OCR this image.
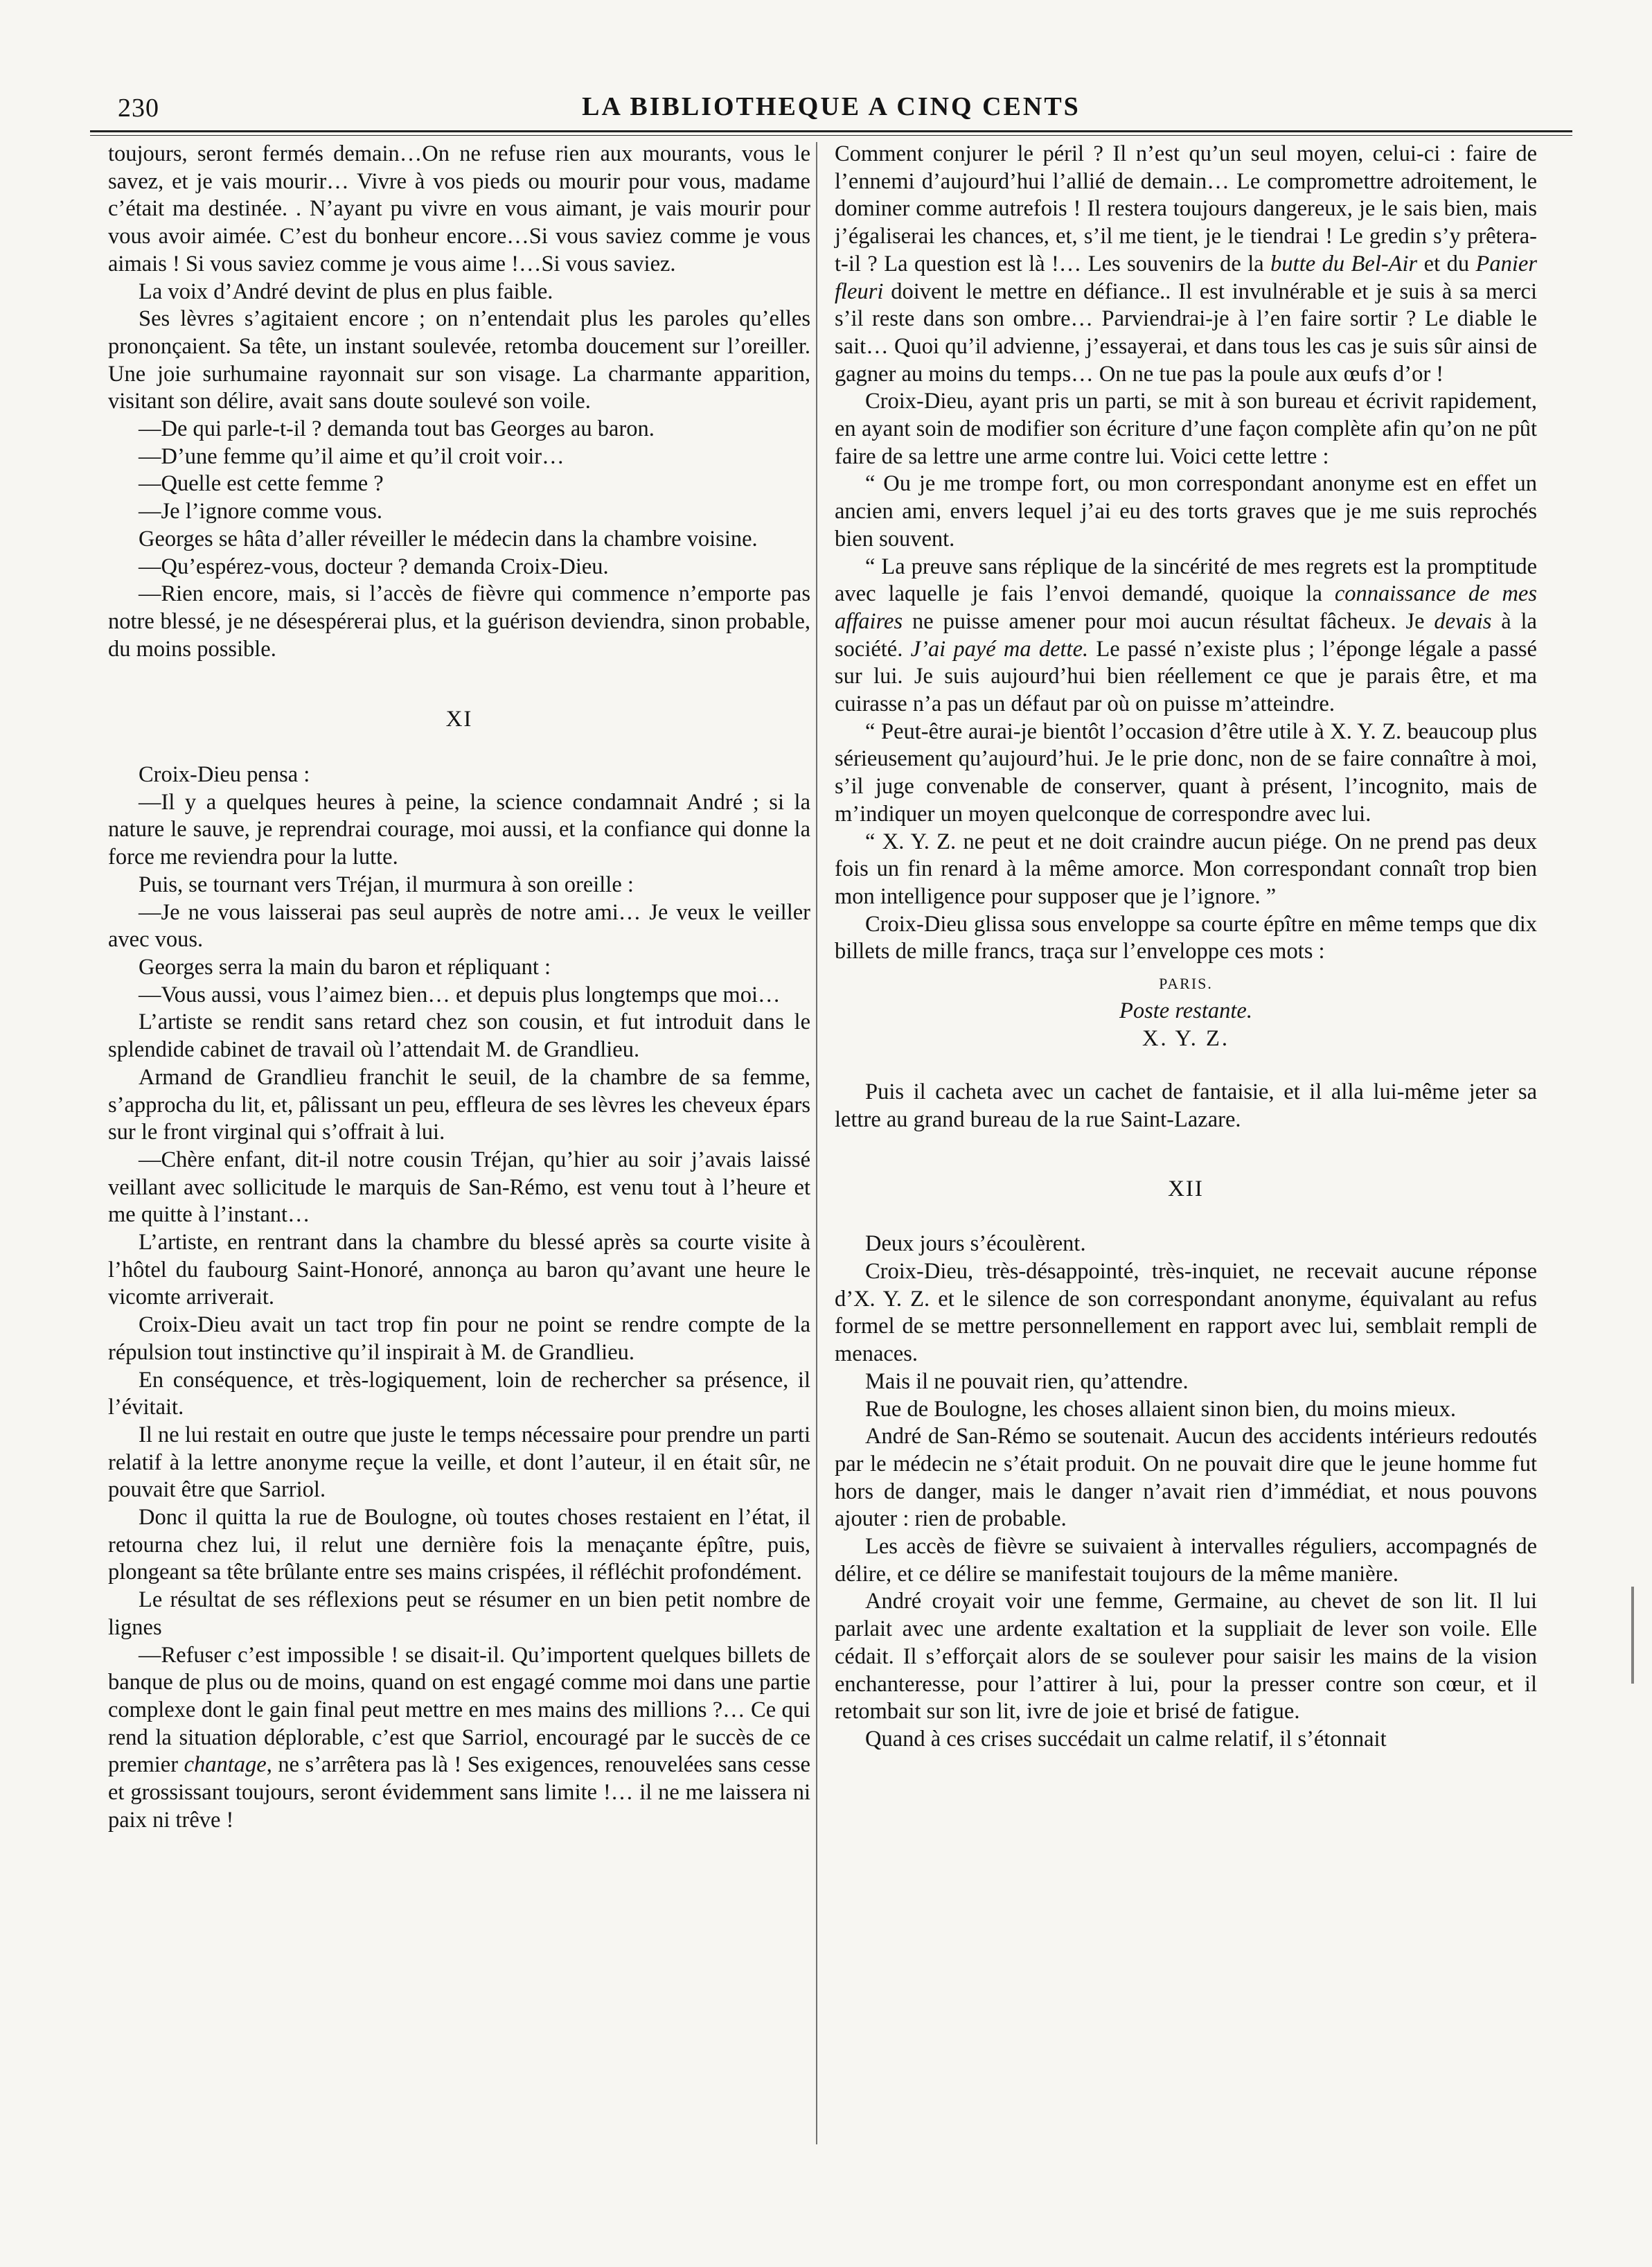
230	LA BIBLIOTHEQUE A CINQ CENTS

toujours, seront fermés demain…On ne refuse rien aux mourants, vous le savez, et je vais mourir… Vivre à vos pieds ou mourir pour vous, madame c’était ma destinée. . N’ayant pu vivre en vous aimant, je vais mourir pour vous avoir aimée. C’est du bonheur encore…Si vous saviez comme je vous aimais ! Si vous saviez comme je vous aime !…Si vous saviez.

La voix d’André devint de plus en plus faible.

Ses lèvres s’agitaient encore ; on n’entendait plus les paroles qu’elles prononçaient. Sa tête, un instant soulevée, retomba doucement sur l’oreiller. Une joie surhumaine rayonnait sur son visage. La charmante apparition, visitant son délire, avait sans doute soulevé son voile.

—De qui parle-t-il ? demanda tout bas Georges au baron.

—D’une femme qu’il aime et qu’il croit voir…

—Quelle est cette femme ?

—Je l’ignore comme vous.

Georges se hâta d’aller réveiller le médecin dans la chambre voisine.

—Qu’espérez-vous, docteur ? demanda Croix-Dieu.

—Rien encore, mais, si l’accès de fièvre qui commence n’emporte pas notre blessé, je ne désespérerai plus, et la guérison deviendra, sinon probable, du moins possible.

XI

Croix-Dieu pensa :

—Il y a quelques heures à peine, la science condamnait André ; si la nature le sauve, je reprendrai courage, moi aussi, et la confiance qui donne la force me reviendra pour la lutte.

Puis, se tournant vers Tréjan, il murmura à son oreille :

—Je ne vous laisserai pas seul auprès de notre ami… Je veux le veiller avec vous.

Georges serra la main du baron et répliquant :

—Vous aussi, vous l’aimez bien… et depuis plus longtemps que moi…

L’artiste se rendit sans retard chez son cousin, et fut introduit dans le splendide cabinet de travail où l’attendait M. de Grandlieu.

Armand de Grandlieu franchit le seuil, de la chambre de sa femme, s’approcha du lit, et, pâlissant un peu, effleura de ses lèvres les cheveux épars sur le front virginal qui s’offrait à lui.

—Chère enfant, dit-il notre cousin Tréjan, qu’hier au soir j’avais laissé veillant avec sollicitude le marquis de San-Rémo, est venu tout à l’heure et me quitte à l’instant…

L’artiste, en rentrant dans la chambre du blessé après sa courte visite à l’hôtel du faubourg Saint-Honoré, annonça au baron qu’avant une heure le vicomte arriverait.

Croix-Dieu avait un tact trop fin pour ne point se rendre compte de la répulsion tout instinctive qu’il inspirait à M. de Grandlieu.

En conséquence, et très-logiquement, loin de rechercher sa présence, il l’évitait.

Il ne lui restait en outre que juste le temps nécessaire pour prendre un parti relatif à la lettre anonyme reçue la veille, et dont l’auteur, il en était sûr, ne pouvait être que Sarriol.

Donc il quitta la rue de Boulogne, où toutes choses restaient en l’état, il retourna chez lui, il relut une dernière fois la menaçante épître, puis, plongeant sa tête brûlante entre ses mains crispées, il réfléchit profondément.

Le résultat de ses réflexions peut se résumer en un bien petit nombre de lignes

—Refuser c’est impossible ! se disait-il. Qu’importent quelques billets de banque de plus ou de moins, quand on est engagé comme moi dans une partie complexe dont le gain final peut mettre en mes mains des millions ?… Ce qui rend la situation déplorable, c’est que Sarriol, encouragé par le succès de ce premier chantage, ne s’arrêtera pas là ! Ses exigences, renouvelées sans cesse et grossissant toujours, seront évidemment sans limite !… il ne me laissera ni paix ni trêve !

Comment conjurer le péril ? Il n’est qu’un seul moyen, celui-ci : faire de l’ennemi d’aujourd’hui l’allié de demain… Le compromettre adroitement, le dominer comme autrefois ! Il restera toujours dangereux, je le sais bien, mais j’égaliserai les chances, et, s’il me tient, je le tiendrai ! Le gredin s’y prêtera-t-il ? La question est là !… Les souvenirs de la butte du Bel-Air et du Panier fleuri doivent le mettre en défiance.. Il est invulnérable et je suis à sa merci s’il reste dans son ombre… Parviendrai-je à l’en faire sortir ? Le diable le sait… Quoi qu’il advienne, j’essayerai, et dans tous les cas je suis sûr ainsi de gagner au moins du temps… On ne tue pas la poule aux œufs d’or !

Croix-Dieu, ayant pris un parti, se mit à son bureau et écrivit rapidement, en ayant soin de modifier son écriture d’une façon complète afin qu’on ne pût faire de sa lettre une arme contre lui. Voici cette lettre :

“ Ou je me trompe fort, ou mon correspondant anonyme est en effet un ancien ami, envers lequel j’ai eu des torts graves que je me suis reprochés bien souvent.

“ La preuve sans réplique de la sincérité de mes regrets est la promptitude avec laquelle je fais l’envoi demandé, quoique la connaissance de mes affaires ne puisse amener pour moi aucun résultat fâcheux. Je devais à la société. J’ai payé ma dette. Le passé n’existe plus ; l’éponge légale a passé sur lui. Je suis aujourd’hui bien réellement ce que je parais être, et ma cuirasse n’a pas un défaut par où on puisse m’atteindre.

“ Peut-être aurai-je bientôt l’occasion d’être utile à X. Y. Z. beaucoup plus sérieusement qu’aujourd’hui. Je le prie donc, non de se faire connaître à moi, s’il juge convenable de conserver, quant à présent, l’incognito, mais de m’indiquer un moyen quelconque de correspondre avec lui.

“ X. Y. Z. ne peut et ne doit craindre aucun piége. On ne prend pas deux fois un fin renard à la même amorce. Mon correspondant connaît trop bien mon intelligence pour supposer que je l’ignore. ”

Croix-Dieu glissa sous enveloppe sa courte épître en même temps que dix billets de mille francs, traça sur l’enveloppe ces mots :

PARIS.

Poste restante.

X. Y. Z.

Puis il cacheta avec un cachet de fantaisie, et il alla lui-même jeter sa lettre au grand bureau de la rue Saint-Lazare.

XII

Deux jours s’écoulèrent.

Croix-Dieu, très-désappointé, très-inquiet, ne recevait aucune réponse d’X. Y. Z. et le silence de son correspondant anonyme, équivalant au refus formel de se mettre personnellement en rapport avec lui, semblait rempli de menaces.

Mais il ne pouvait rien, qu’attendre.

Rue de Boulogne, les choses allaient sinon bien, du moins mieux.

André de San-Rémo se soutenait. Aucun des accidents intérieurs redoutés par le médecin ne s’était produit. On ne pouvait dire que le jeune homme fut hors de danger, mais le danger n’avait rien d’immédiat, et nous pouvons ajouter : rien de probable.

Les accès de fièvre se suivaient à intervalles réguliers, accompagnés de délire, et ce délire se manifestait toujours de la même manière.

André croyait voir une femme, Germaine, au chevet de son lit. Il lui parlait avec une ardente exaltation et la suppliait de lever son voile. Elle cédait. Il s’efforçait alors de se soulever pour saisir les mains de la vision enchanteresse, pour l’attirer à lui, pour la presser contre son cœur, et il retombait sur son lit, ivre de joie et brisé de fatigue.

Quand à ces crises succédait un calme relatif, il s’étonnait
